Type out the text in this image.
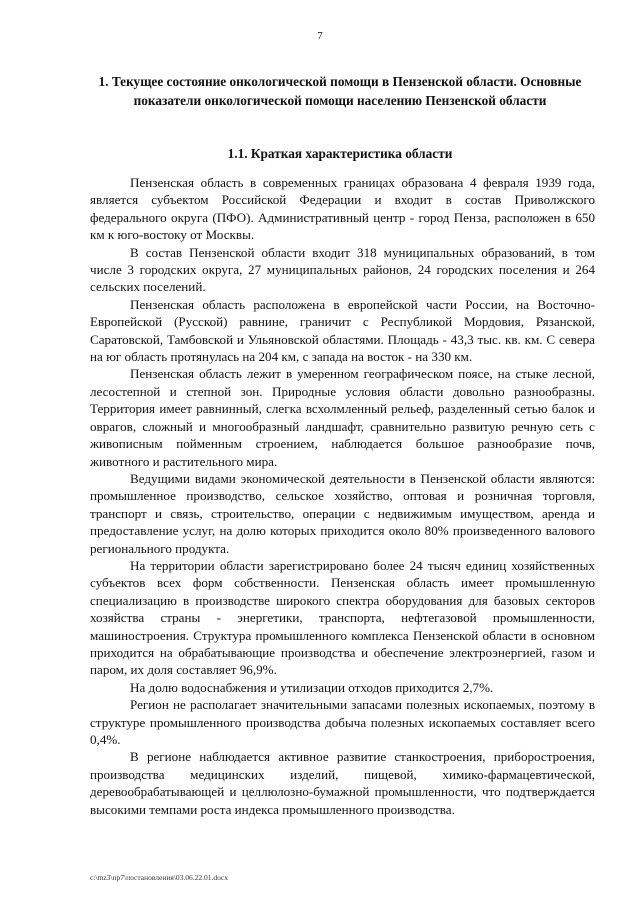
7
1. Текущее состояние онкологической помощи в Пензенской области. Основные показатели онкологической помощи населению Пензенской области
1.1. Краткая характеристика области

Пензенская область в современных границах образована 4 февраля 1939 года, является субъектом Российской Федерации и входит в состав Приволжского федерального округа (ПФО). Административный центр - город Пенза, расположен в 650 км к юго-востоку от Москвы.

В состав Пензенской области входит 318 муниципальных образований, в том числе 3 городских округа, 27 муниципальных районов, 24 городских поселения и 264 сельских поселений.

Пензенская область расположена в европейской части России, на Восточно-Европейской (Русской) равнине, граничит с Республикой Мордовия, Рязанской, Саратовской, Тамбовской и Ульяновской областями. Площадь - 43,3 тыс. кв. км. С севера на юг область протянулась на 204 км, с запада на восток - на 330 км.

Пензенская область лежит в умеренном географическом поясе, на стыке лесной, лесостепной и степной зон. Природные условия области довольно разнообразны. Территория имеет равнинный, слегка всхолмленный рельеф, разделенный сетью балок и оврагов, сложный и многообразный ландшафт, сравнительно развитую речную сеть с живописным пойменным строением, наблюдается большое разнообразие почв, животного и растительного мира.

Ведущими видами экономической деятельности в Пензенской области являются: промышленное производство, сельское хозяйство, оптовая и розничная торговля, транспорт и связь, строительство, операции с недвижимым имуществом, аренда и предоставление услуг, на долю которых приходится около 80% произведенного валового регионального продукта.

На территории области зарегистрировано более 24 тысяч единиц хозяйственных субъектов всех форм собственности. Пензенская область имеет промышленную специализацию в производстве широкого спектра оборудования для базовых секторов хозяйства страны - энергетики, транспорта, нефтегазовой промышленности, машиностроения. Структура промышленного комплекса Пензенской области в основном приходится на обрабатывающие производства и обеспечение электроэнергией, газом и паром, их доля составляет 96,9%.

На долю водоснабжения и утилизации отходов приходится 2,7%.

Регион не располагает значительными запасами полезных ископаемых, поэтому в структуре промышленного производства добыча полезных ископаемых составляет всего 0,4%.

В регионе наблюдается активное развитие станкостроения, приборостроения, производства медицинских изделий, пищевой, химико-фармацевтической, деревообрабатывающей и целлюлозно-бумажной промышленности, что подтверждается высокими темпами роста индекса промышленного производства.

c:\mz3\пр7\постановления\03.06.22.01.docx
